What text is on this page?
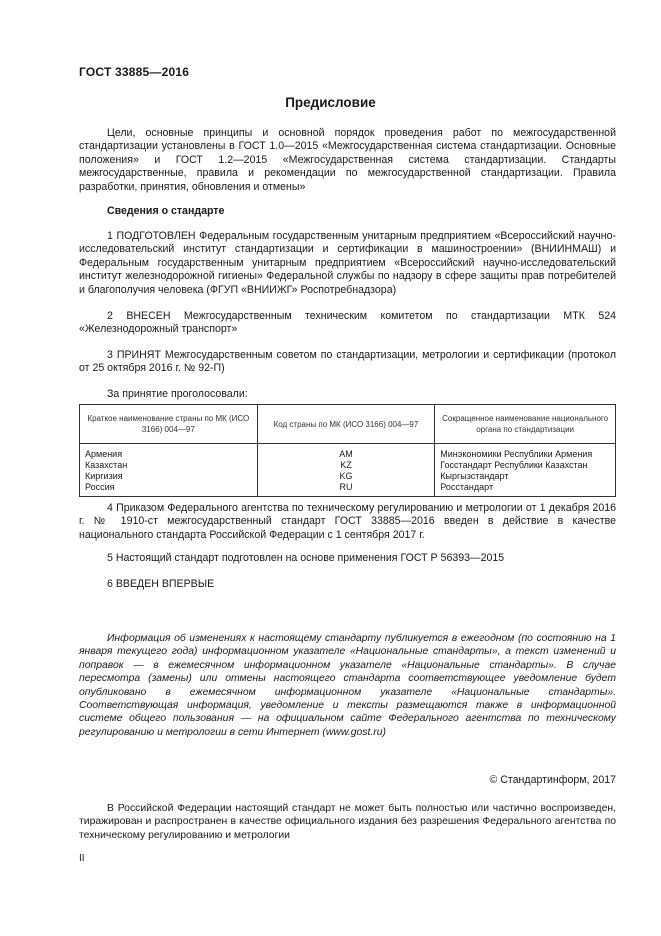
ГОСТ 33885—2016
Предисловие

Цели, основные принципы и основной порядок проведения работ по межгосударственной стандартизации установлены в ГОСТ 1.0—2015 «Межгосударственная система стандартизации. Основные положения» и ГОСТ 1.2—2015 «Межгосударственная система стандартизации. Стандарты межгосударственные, правила и рекомендации по межгосударственной стандартизации. Правила разработки, принятия, обновления и отмены»

Сведения о стандарте

1 ПОДГОТОВЛЕН Федеральным государственным унитарным предприятием «Всероссийский научно-исследовательский институт стандартизации и сертификации в машиностроении» (ВНИИНМАШ) и Федеральным государственным унитарным предприятием «Всероссийский научно-исследовательский институт железнодорожной гигиены» Федеральной службы по надзору в сфере защиты прав потребителей и благополучия человека (ФГУП «ВНИИЖГ» Роспотребнадзора)

2 ВНЕСЕН Межгосударственным техническим комитетом по стандартизации МТК 524 «Железнодорожный транспорт»

3 ПРИНЯТ Межгосударственным советом по стандартизации, метрологии и сертификации (протокол от 25 октября 2016 г. № 92-П)

За принятие проголосовали:
Краткое наименование страны по МК (ИСО 3166) 004—97	Код страны по МК (ИСО 3166) 004—97	Сокращенное наименование национального органа по стандартизации
Армения	AM	Минэкономики Республики Армения
Казахстан	KZ	Госстандарт Республики Казахстан
Киргизия	KG	Кыргызстандарт
Россия	RU	Росстандарт

4 Приказом Федерального агентства по техническому регулированию и метрологии от 1 декабря 2016 г. № 1910-ст межгосударственный стандарт ГОСТ 33885—2016 введен в действие в качестве национального стандарта Российской Федерации с 1 сентября 2017 г.

5 Настоящий стандарт подготовлен на основе применения ГОСТ Р 56393—2015

6 ВВЕДЕН ВПЕРВЫЕ

Информация об изменениях к настоящему стандарту публикуется в ежегодном (по состоянию на 1 января текущего года) информационном указателе «Национальные стандарты», а текст изменений и поправок — в ежемесячном информационном указателе «Национальные стандарты». В случае пересмотра (замены) или отмены настоящего стандарта соответствующее уведомление будет опубликовано в ежемесячном информационном указателе «Национальные стандарты». Соответствующая информация, уведомление и тексты размещаются также в информационной системе общего пользования — на официальном сайте Федерального агентства по техническому регулированию и метрологии в сети Интернет (www.gost.ru)

© Стандартинформ, 2017

В Российской Федерации настоящий стандарт не может быть полностью или частично воспроизведен, тиражирован и распространен в качестве официального издания без разрешения Федерального агентства по техническому регулированию и метрологии

II
